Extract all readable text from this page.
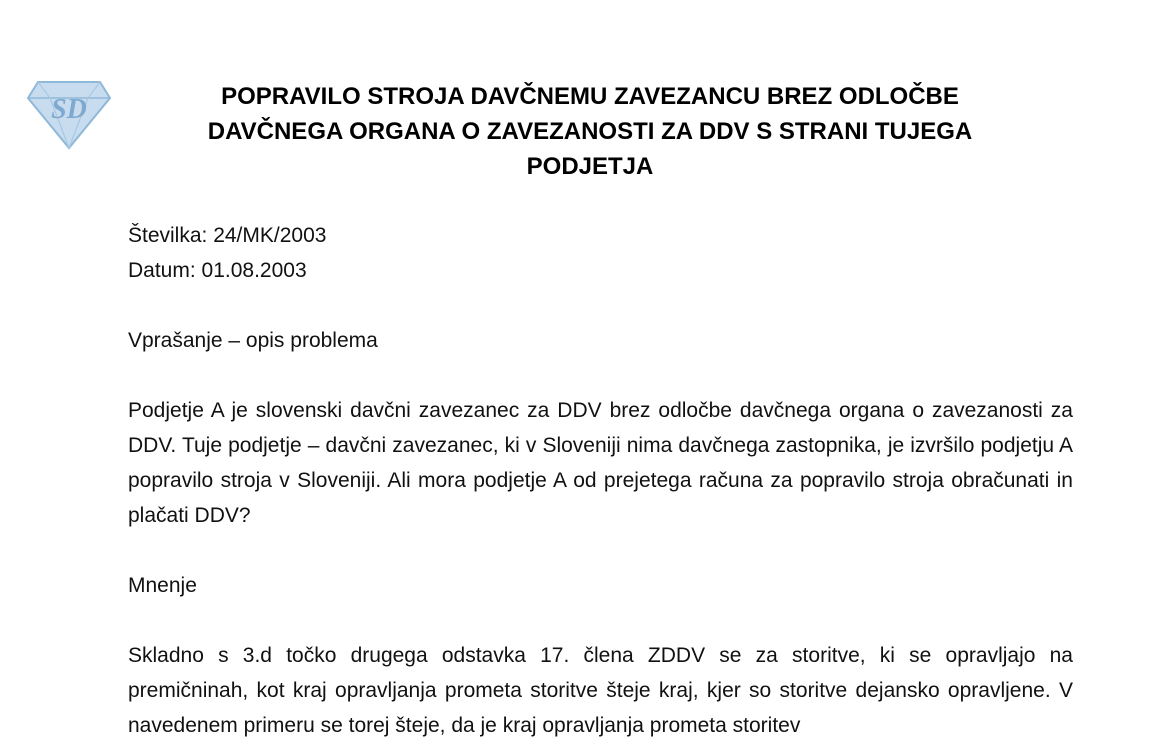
SD	POPRAVILO STROJA DAVČNEMU ZAVEZANCU BREZ ODLOČBE DAVČNEGA ORGANA O ZAVEZANOSTI ZA DDV S STRANI TUJEGA PODJETJA

Številka: 24/MK/2003

Datum: 01.08.2003

Vprašanje – opis problema

Podjetje A je slovenski davčni zavezanec za DDV brez odločbe davčnega organa o zavezanosti za DDV. Tuje podjetje – davčni zavezanec, ki v Sloveniji nima davčnega zastopnika, je izvršilo podjetju A popravilo stroja v Sloveniji. Ali mora podjetje A od prejetega računa za popravilo stroja obračunati in plačati DDV?

Mnenje

Skladno s 3.d točko drugega odstavka 17. člena ZDDV se za storitve, ki se opravljajo na premičninah, kot kraj opravljanja prometa storitve šteje kraj, kjer so storitve dejansko opravljene. V navedenem primeru se torej šteje, da je kraj opravljanja prometa storitev
